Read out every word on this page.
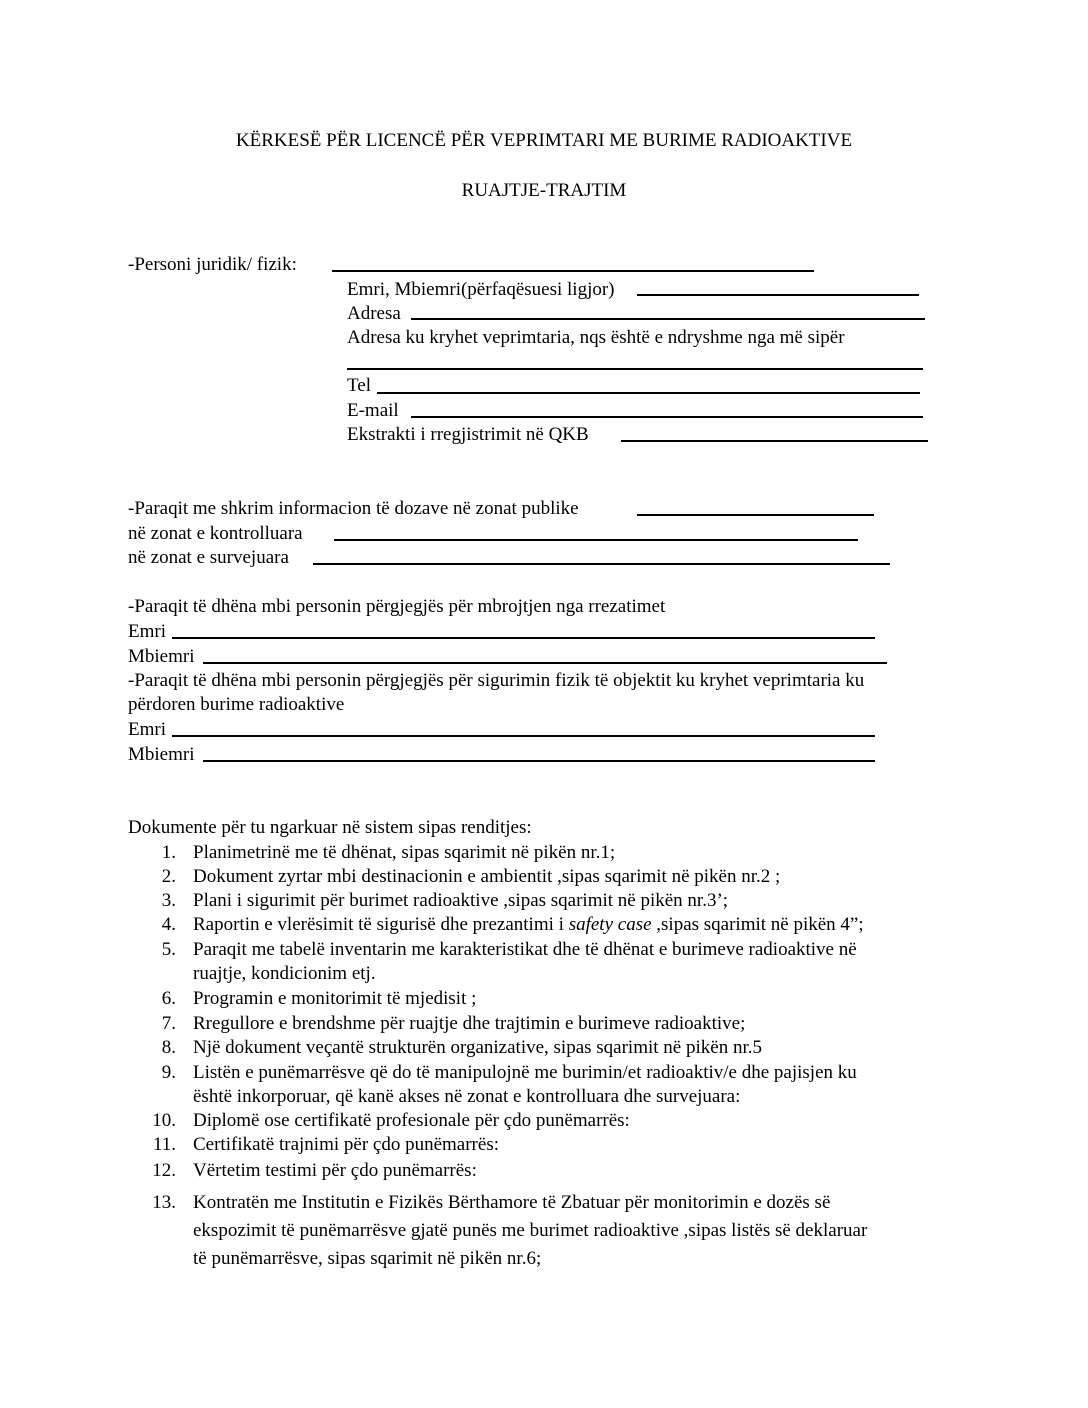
KËRKESË PËR LICENCË PËR VEPRIMTARI ME BURIME RADIOAKTIVE
RUAJTJE-TRAJTIM
-Personi juridik/ fizik:
Emri, Mbiemri(përfaqësuesi ligjor)
Adresa
Adresa ku kryhet veprimtaria, nqs është e ndryshme nga më sipër
Tel
E-mail
Ekstrakti i rregjistrimit në QKB
-Paraqit me shkrim informacion të dozave në zonat publike
në zonat e kontrolluara
në zonat e survejuara
-Paraqit të dhëna mbi personin përgjegjës për mbrojtjen nga rrezatimet
Emri
Mbiemri
-Paraqit të dhëna mbi personin përgjegjës për sigurimin fizik të objektit ku kryhet veprimtaria ku
përdoren burime radioaktive
Emri
Mbiemri
Dokumente për tu ngarkuar në sistem sipas renditjes:
1. Planimetrinë me të dhënat, sipas sqarimit në pikën nr.1;
2. Dokument zyrtar mbi destinacionin e ambientit ,sipas sqarimit në pikën nr.2 ;
3. Plani i sigurimit për burimet radioaktive ,sipas sqarimit në pikën nr.3’;
4. Raportin e vlerësimit të sigurisë dhe prezantimi i safety case ,sipas sqarimit në pikën 4”;
5. Paraqit me tabelë inventarin me karakteristikat dhe të dhënat e burimeve radioaktive në
ruajtje, kondicionim etj.
6. Programin e monitorimit të mjedisit ;
7. Rregullore e brendshme për ruajtje dhe trajtimin e burimeve radioaktive;
8. Një dokument veçantë strukturën organizative, sipas sqarimit në pikën nr.5
9. Listën e punëmarrësve që do të manipulojnë me burimin/et radioaktiv/e dhe pajisjen ku
është inkorporuar, që kanë akses në zonat e kontrolluara dhe survejuara:
10. Diplomë ose certifikatë profesionale për çdo punëmarrës:
11. Certifikatë trajnimi për çdo punëmarrës:
12. Vërtetim testimi për çdo punëmarrës:
13. Kontratën me Institutin e Fizikës Bërthamore të Zbatuar për monitorimin e dozës së
ekspozimit të punëmarrësve gjatë punës me burimet radioaktive ,sipas listës së deklaruar
të punëmarrësve, sipas sqarimit në pikën nr.6;
